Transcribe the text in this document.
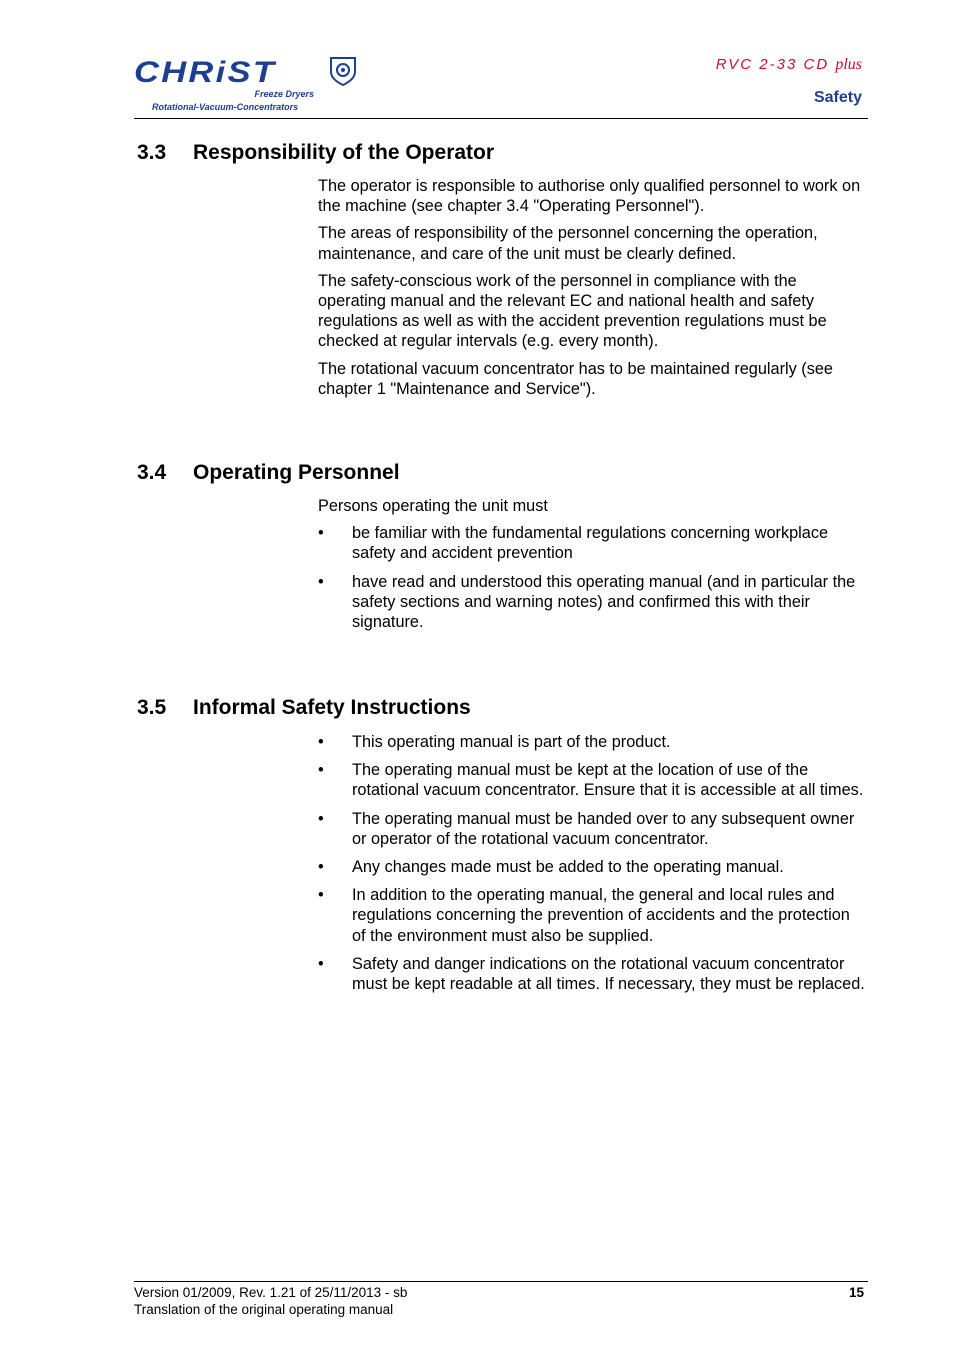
CHRiST
Freeze Dryers
Rotational-Vacuum-Concentrators
RVC 2-33 CD plus
Safety
3.3 Responsibility of the Operator

The operator is responsible to authorise only qualified personnel to work on the machine (see chapter 3.4 "Operating Personnel").

The areas of responsibility of the personnel concerning the operation, maintenance, and care of the unit must be clearly defined.

The safety-conscious work of the personnel in compliance with the operating manual and the relevant EC and national health and safety regulations as well as with the accident prevention regulations must be checked at regular intervals (e.g. every month).

The rotational vacuum concentrator has to be maintained regularly (see chapter 1 "Maintenance and Service").

3.4 Operating Personnel

Persons operating the unit must

• be familiar with the fundamental regulations concerning workplace safety and accident prevention
• have read and understood this operating manual (and in particular the safety sections and warning notes) and confirmed this with their signature.
3.5 Informal Safety Instructions
• This operating manual is part of the product.
• The operating manual must be kept at the location of use of the rotational vacuum concentrator. Ensure that it is accessible at all times.
• The operating manual must be handed over to any subsequent owner or operator of the rotational vacuum concentrator.
• Any changes made must be added to the operating manual.
• In addition to the operating manual, the general and local rules and regulations concerning the prevention of accidents and the protection of the environment must also be supplied.
• Safety and danger indications on the rotational vacuum concentrator must be kept readable at all times. If necessary, they must be replaced.
Version 01/2009, Rev. 1.21 of 25/11/2013 - sb
Translation of the original operating manual
15
